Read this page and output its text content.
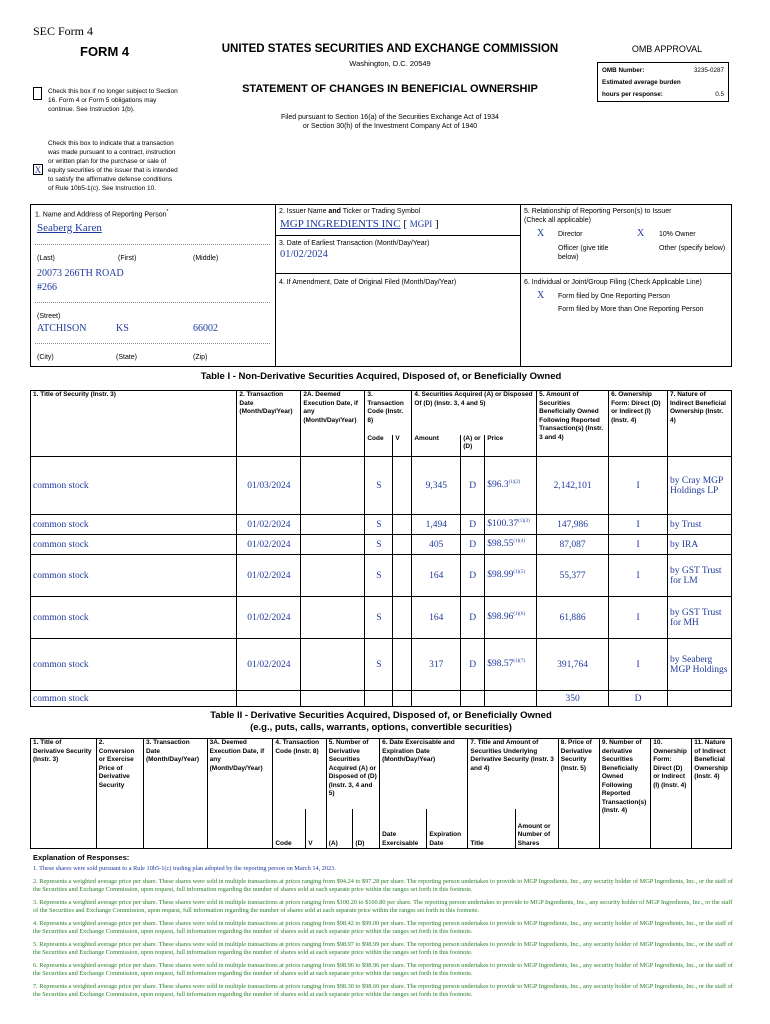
SEC Form 4
FORM 4	UNITED STATES SECURITIES AND EXCHANGE COMMISSION
Washington, D.C. 20549
STATEMENT OF CHANGES IN BENEFICIAL OWNERSHIP
Filed pursuant to Section 16(a) of the Securities Exchange Act of 1934
or Section 30(h) of the Investment Company Act of 1940
Check this box if no longer subject to Section 16. Form 4 or Form 5 obligations may continue. See Instruction 1(b).
X
Check this box to indicate that a transaction was made pursuant to a contract, instruction or written plan for the purchase or sale of equity securities of the issuer that is intended to satisfy the affirmative defense conditions of Rule 10b5-1(c). See Instruction 10.
OMB APPROVAL
OMB Number:	3235-0287
Estimated average burden
hours per response:	0.5
1. Name and Address of Reporting Person*
Seaberg Karen
(Last)	(First)	(Middle)
20073 266TH ROAD
#266
(Street)
ATCHISON	KS	66002
(City)	(State)	(Zip)
2. Issuer Name and Ticker or Trading Symbol
MGP INGREDIENTS INC [ MGPI ]
3. Date of Earliest Transaction (Month/Day/Year)
01/02/2024
4. If Amendment, Date of Original Filed (Month/Day/Year)
5. Relationship of Reporting Person(s) to Issuer
(Check all applicable)
X Director	X 10% Owner
Officer (give title below)
Other (specify below)
6. Individual or Joint/Group Filing (Check Applicable Line)
X Form filed by One Reporting Person
Form filed by More than One Reporting Person
Table I - Non-Derivative Securities Acquired, Disposed of, or Beneficially Owned
1. Title of Security (Instr. 3)	2. Transaction Date (Month/Day/Year)	2A. Deemed Execution Date, if any (Month/Day/Year)	3. Transaction Code (Instr. 8)		4. Securities Acquired (A) or Disposed Of (D) (Instr. 3, 4 and 5)			5. Amount of Securities Beneficially Owned Following Reported Transaction(s) (Instr. 3 and 4)	6. Ownership Form: Direct (D) or Indirect (I) (Instr. 4)	7. Nature of Indirect Beneficial Ownership (Instr. 4)
			Code	V	Amount	(A) or (D)	Price			
common stock	01/03/2024		S		9,345	D	$\$96.3^{(1)(2)}$	2,142,101	I	by Cray MGP Holdings LP
common stock	01/02/2024		S		1,494	D	$\$100.37^{(1)(3)}$	147,986	I	by Trust
common stock	01/02/2024		S		405	D	$\$98.55^{(1)(4)}$	87,087	I	by IRA
common stock	01/02/2024		S		164	D	$\$98.99^{(1)(5)}$	55,377	I	by GST Trust for LM
common stock	01/02/2024		S		164	D	$\$98.96^{(1)(6)}$	61,886	I	by GST Trust for MH
common stock	01/02/2024		S		317	D	$\$98.57^{(1)(7)}$	391,764	I	by Seaberg MGP Holdings
common stock								350	D	
Table II - Derivative Securities Acquired, Disposed of, or Beneficially Owned
(e.g., puts, calls, warrants, options, convertible securities)
1. Title of Derivative Security (Instr. 3)	2. Conversion or Exercise Price of Derivative Security	3. Transaction Date (Month/Day/Year)	3A. Deemed Execution Date, if any (Month/Day/Year)	4. Transaction Code (Instr. 8)		5. Number of Derivative Securities Acquired (A) or Disposed of (D) (Instr. 3, 4 and 5)		6. Date Exercisable and Expiration Date (Month/Day/Year)		7. Title and Amount of Securities Underlying Derivative Security (Instr. 3 and 4)		8. Price of Derivative Security (Instr. 5)	9. Number of derivative Securities Beneficially Owned Following Reported Transaction(s) (Instr. 4)	10. Ownership Form: Direct (D) or Indirect (I) (Instr. 4)	11. Nature of Indirect Beneficial Ownership (Instr. 4)
				Code	V	(A)	(D)	Date Exercisable	Expiration Date	Title	Amount or Number of Shares				
Explanation of Responses:
1. These shares were sold pursuant to a Rule 10b5-1(c) trading plan adopted by the reporting person on March 14, 2023.
2. Represents a weighted average price per share. These shares were sold in multiple transactions at prices ranging from $94.24 to $97.28 per share. The reporting person undertakes to provide to MGP Ingredients, Inc., any security holder of MGP Ingredients, Inc., or the staff of the Securities and Exchange Commission, upon request, full information regarding the number of shares sold at each separate price within the ranges set forth in this footnote.
3. Represents a weighted average price per share. These shares were sold in multiple transactions at prices ranging from $100.20 to $100.80 per share. The reporting person undertakes to provide to MGP Ingredients, Inc., any security holder of MGP Ingredients, Inc., or the staff of the Securities and Exchange Commission, upon request, full information regarding the number of shares sold at each separate price within the ranges set forth in this footnote.
4. Represents a weighted average price per share. These shares were sold in multiple transactions at prices ranging from $98.42 to $99.00 per share. The reporting person undertakes to provide to MGP Ingredients, Inc., any security holder of MGP Ingredients, Inc., or the staff of the Securities and Exchange Commission, upon request, full information regarding the number of shares sold at each separate price within the ranges set forth in this footnote.
5. Represents a weighted average price per share. These shares were sold in multiple transactions at prices ranging from $98.97 to $98.99 per share. The reporting person undertakes to provide to MGP Ingredients, Inc., any security holder of MGP Ingredients, Inc., or the staff of the Securities and Exchange Commission, upon request, full information regarding the number of shares sold at each separate price within the ranges set forth in this footnote.
6. Represents a weighted average price per share. These shares were sold in multiple transactions at prices ranging from $98.96 to $98.96 per share. The reporting person undertakes to provide to MGP Ingredients, Inc., any security holder of MGP Ingredients, Inc., or the staff of the Securities and Exchange Commission, upon request, full information regarding the number of shares sold at each separate price within the ranges set forth in this footnote.
7. Represents a weighted average price per share. These shares were sold in multiple transactions at prices ranging from $98.30 to $98.60 per share. The reporting person undertakes to provide to MGP Ingredients, Inc., any security holder of MGP Ingredients, Inc., or the staff of the Securities and Exchange Commission, upon request, full information regarding the number of shares sold at each separate price within the ranges set forth in this footnote.
